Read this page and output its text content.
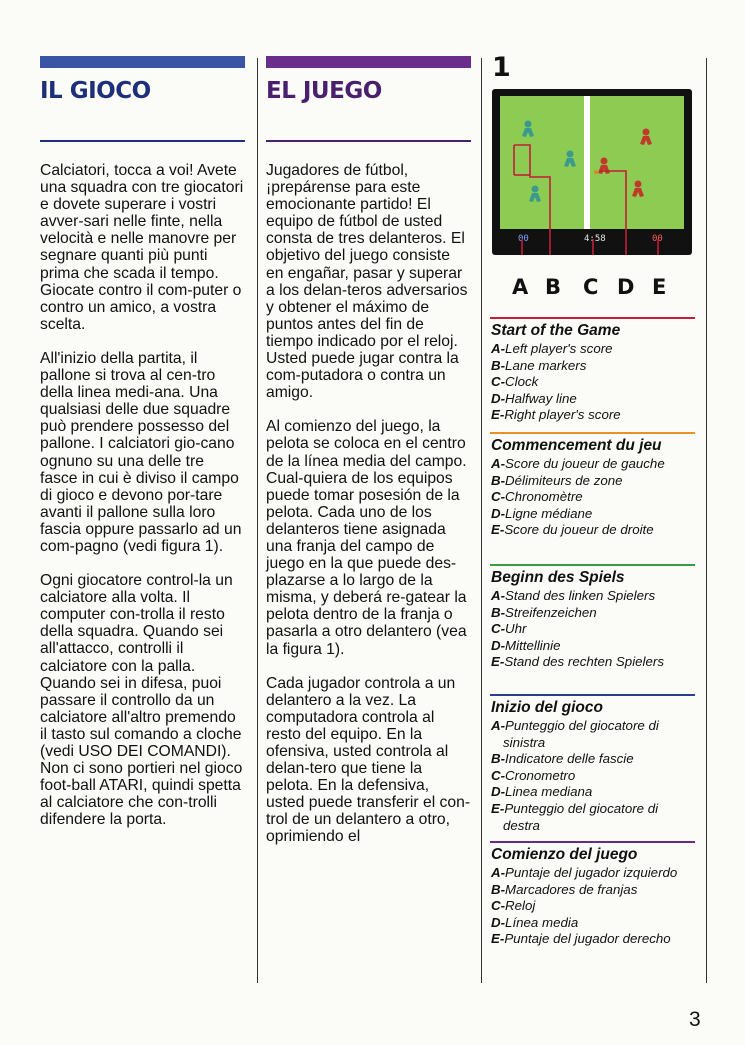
IL GIOCO

Calciatori, tocca a voi! Avete una squadra con tre giocatori e dovete superare i vostri avver-sari nelle finte, nella velocità e nelle manovre per segnare quanti più punti prima che scada il tempo. Giocate contro il com-puter o contro un amico, a vostra scelta.

All'inizio della partita, il pallone si trova al cen-tro della linea medi-ana. Una qualsiasi delle due squadre può prendere possesso del pallone. I calciatori gio-cano ognuno su una delle tre fasce in cui è diviso il campo di gioco e devono por-tare avanti il pallone sulla loro fascia oppure passarlo ad un com-pagno (vedi figura 1).

Ogni giocatore control-la un calciatore alla volta. Il computer con-trolla il resto della squadra. Quando sei all'attacco, controlli il calciatore con la palla. Quando sei in difesa, puoi passare il controllo da un calciatore all'altro premendo il tasto sul comando a cloche (vedi USO DEI COMANDI). Non ci sono portieri nel gioco foot-ball ATARI, quindi spetta al calciatore che con-trolli difendere la porta.

EL JUEGO

Jugadores de fútbol, ¡prepárense para este emocionante partido! El equipo de fútbol de usted consta de tres delanteros. El objetivo del juego consiste en engañar, pasar y superar a los delan-teros adversarios y obtener el máximo de puntos antes del fin de tiempo indicado por el reloj. Usted puede jugar contra la com-putadora o contra un amigo.

Al comienzo del juego, la pelota se coloca en el centro de la línea media del campo. Cual-quiera de los equipos puede tomar posesión de la pelota. Cada uno de los delanteros tiene asignada una franja del campo de juego en la que puede des-plazarse a lo largo de la misma, y deberá re-gatear la pelota dentro de la franja o pasarla a otro delantero (vea la figura 1).

Cada jugador controla a un delantero a la vez. La computadora controla al resto del equipo. En la ofensiva, usted controla al delan-tero que tiene la pelota. En la defensiva, usted puede transferir el con-trol de un delantero a otro, oprimiendo el

1
00	4:58	00
A B C D E
Start of the Game
A-Left player's score
B-Lane markers
C-Clock
D-Halfway line
E-Right player's score
Commencement du jeu
A-Score du joueur de gauche
B-Délimiteurs de zone
C-Chronomètre
D-Ligne médiane
E-Score du joueur de droite
Beginn des Spiels
A-Stand des linken Spielers
B-Streifenzeichen
C-Uhr
D-Mittellinie
E-Stand des rechten Spielers
Inizio del gioco
A-Punteggio del giocatore di sinistra
B-Indicatore delle fascie
C-Cronometro
D-Linea mediana
E-Punteggio del giocatore di destra
Comienzo del juego
A-Puntaje del jugador izquierdo
B-Marcadores de franjas
C-Reloj
D-Línea media
E-Puntaje del jugador derecho
3
